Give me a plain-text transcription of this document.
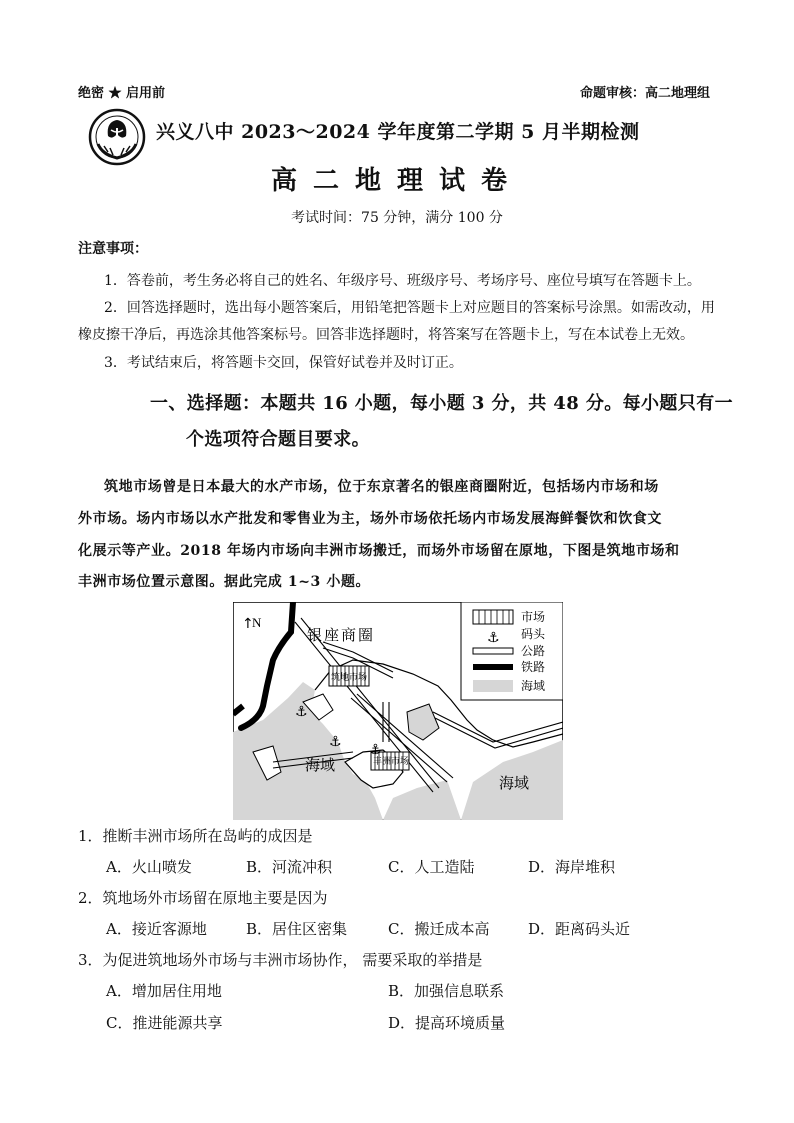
绝密 ★ 启用前	命题审核：高二地理组
兴义八中 2023～2024 学年度第二学期 5 月半期检测
高二地理试卷
考试时间：75 分钟，满分 100 分
注意事项：
1．答卷前，考生务必将自己的姓名、年级序号、班级序号、考场序号、座位号填写在答题卡上。
2．回答选择题时，选出每小题答案后，用铅笔把答题卡上对应题目的答案标号涂黑。如需改动，用
橡皮擦干净后，再选涂其他答案标号。回答非选择题时，将答案写在答题卡上，写在本试卷上无效。
3．考试结束后，将答题卡交回，保管好试卷并及时订正。
一、选择题：本题共 16 小题，每小题 3 分，共 48 分。每小题只有一
个选项符合题目要求。
筑地市场曾是日本最大的水产市场，位于东京著名的银座商圈附近，包括场内市场和场
外市场。场内市场以水产批发和零售业为主，场外市场依托场内市场发展海鲜餐饮和饮食文
化展示等产业。2018 年场内市场向丰洲市场搬迁，而场外市场留在原地，下图是筑地市场和
丰洲市场位置示意图。据此完成 1~3 小题。
⚓
⚓ ⚓
↑
N
银座商圈
筑地市场
丰洲市场
海域
海域
⚓
市场
码头
公路
铁路
海域
1．推断丰洲市场所在岛屿的成因是
A．火山喷发	B．河流冲积	C．人工造陆	D．海岸堆积
2．筑地场外市场留在原地主要是因为
A．接近客源地	B．居住区密集	C．搬迁成本高	D．距离码头近
3．为促进筑地场外市场与丰洲市场协作， 需要采取的举措是
A．增加居住用地	B．加强信息联系
C．推进能源共享	D．提高环境质量
